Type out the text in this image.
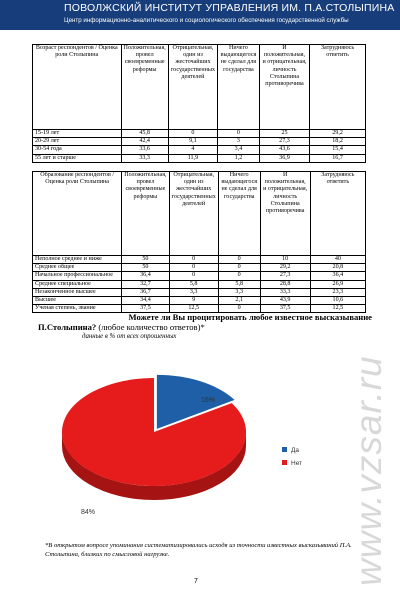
ПОВОЛЖСКИЙ ИНСТИТУТ УПРАВЛЕНИЯ ИМ. П.А.СТОЛЫПИНА
Центр информационно-аналитического и социологического обеспечения государственной службы
Возраст респондентов / Оценка роли Столыпина	Положительная, провел своевременные реформы	Отрицательная, один из жесточайших государственных деятелей	Ничего выдающегося не сделал для государства	И положительная, и отрицательная, личность Столыпина противоречива	Затрудняюсь ответить
15-19 лет	45,8	0	0	25	29,2
20-29 лет	42,4	9,1	3	27,3	18,2
30-54 года	33,6	4	3,4	43,6	15,4
55 лет и старше	33,3	11,9	1,2	36,9	16,7
Образование респондентов / Оценка роли Столыпина	Положительная, провел своевременные реформы	Отрицательная, один из жесточайших государственных деятелей	Ничего выдающегося не сделал для государства	И положительная, и отрицательная, личность Столыпина противоречива	Затрудняюсь ответить
Неполное среднее и ниже	50	0	0	10	40
Среднее общее	50	0	0	29,2	20,8
Начальное профессиональное	36,4	0	0	27,3	36,4
Среднее специальное	32,7	5,8	5,8	28,8	26,9
Незаконченное высшее	36,7	3,3	3,3	33,3	23,3
Высшее	34,4	9	2,1	43,9	10,6
Ученая степень, звание	37,5	12,5	0	37,5	12,5
www.vzsar.ru
Можете ли Вы процитировать любое известное высказывание
П.Столыпина? (любое количество ответов)*
данные в % от всех опрошенных
16%
84%
Да
Нет
*В открытом вопросе упоминания систематизировались исходя из точности известных высказываний П.А. Столыпина, близких по смысловой нагрузке.
7
